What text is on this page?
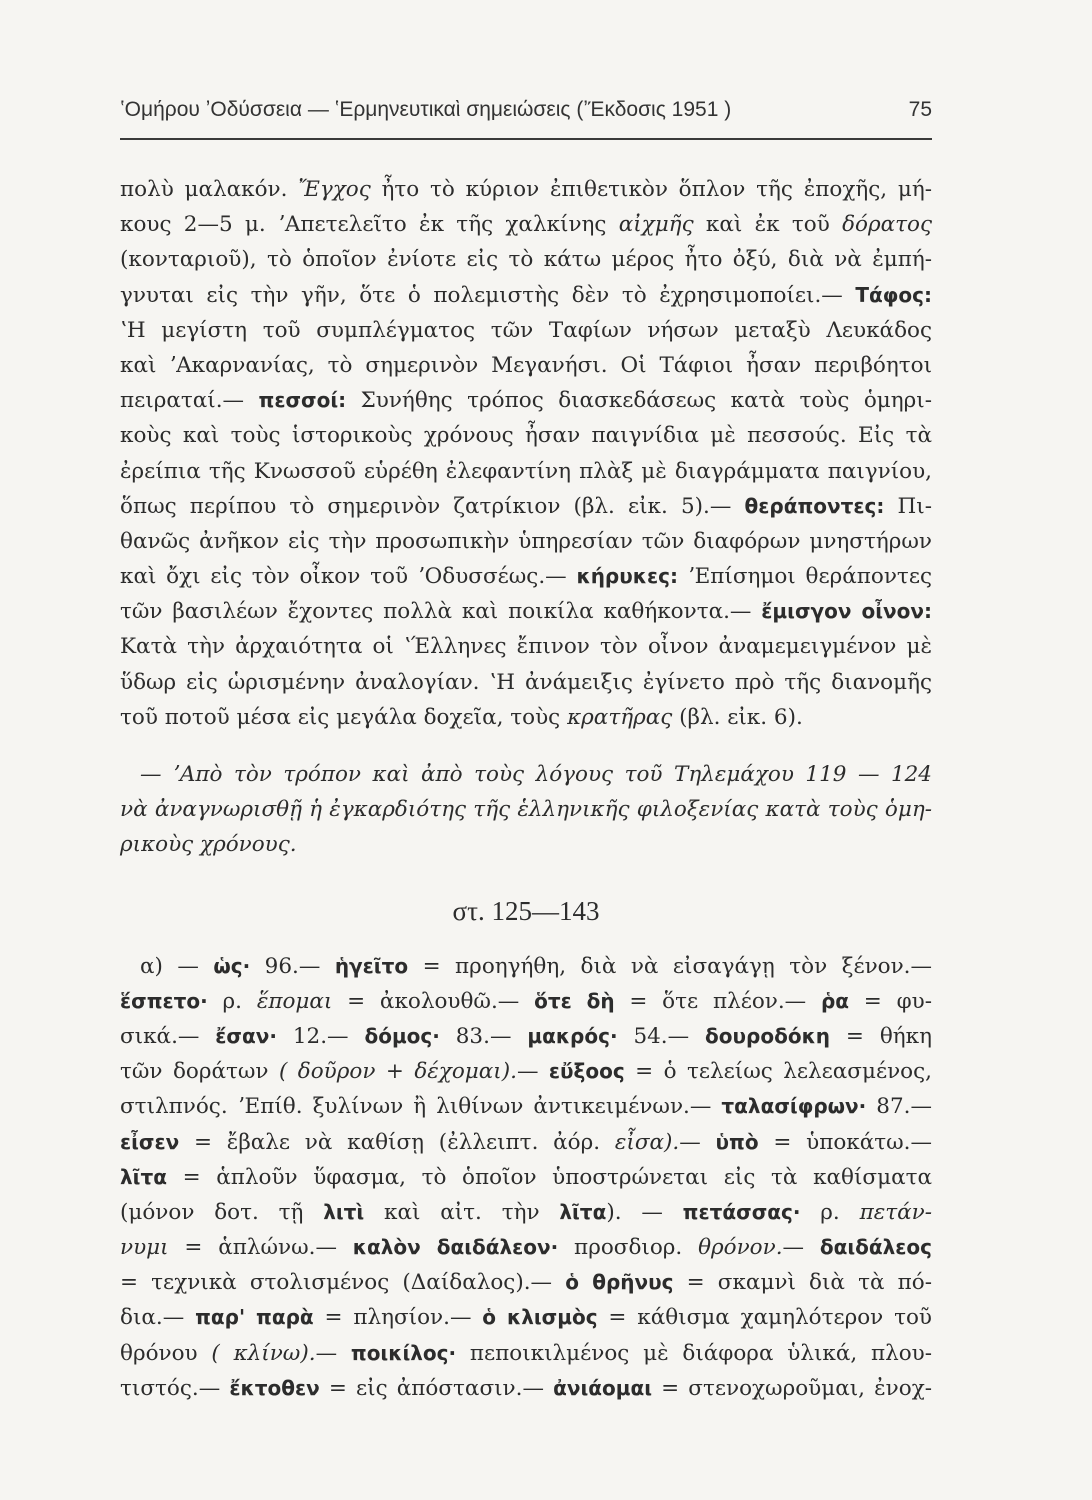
ʽΟμήρου ʼΟδύσσεια — ʽΕρμηνευτικαὶ σημειώσεις (ʼΈκδοσις 1951 )	75
πολὺ μαλακόν. Ἔγχος ἦτο τὸ κύριον ἐπιθετικὸν ὅπλον τῆς ἐποχῆς, μή-
κους 2—5 μ. ʼΑπετελεῖτο ἐκ τῆς χαλκίνης αἰχμῆς καὶ ἐκ τοῦ δόρατος
(κονταριοῦ), τὸ ὁποῖον ἐνίοτε εἰς τὸ κάτω μέρος ἦτο ὀξύ, διὰ νὰ ἐμπή-
γνυται εἰς τὴν γῆν, ὅτε ὁ πολεμιστὴς δὲν τὸ ἐχρησιμοποίει.— Τάφος:
ʽΗ μεγίστη τοῦ συμπλέγματος τῶν Ταφίων νήσων μεταξὺ Λευκάδος
καὶ ʼΑκαρνανίας, τὸ σημερινὸν Μεγανήσι. Οἱ Τάφιοι ἦσαν περιβόητοι
πειραταί.— πεσσοί: Συνήθης τρόπος διασκεδάσεως κατὰ τοὺς ὁμηρι-
κοὺς καὶ τοὺς ἱστορικοὺς χρόνους ἦσαν παιγνίδια μὲ πεσσούς. Εἰς τὰ
ἐρείπια τῆς Κνωσσοῦ εὑρέθη ἐλεφαντίνη πλὰξ μὲ διαγράμματα παιγνίου,
ὅπως περίπου τὸ σημερινὸν ζατρίκιον (βλ. εἰκ. 5).— θεράποντες: Πι-
θανῶς ἀνῆκον εἰς τὴν προσωπικὴν ὑπηρεσίαν τῶν διαφόρων μνηστήρων
καὶ ὄχι εἰς τὸν οἶκον τοῦ ʼΟδυσσέως.— κήρυκες: ʼΕπίσημοι θεράποντες
τῶν βασιλέων ἔχοντες πολλὰ καὶ ποικίλα καθήκοντα.— ἔμισγον οἶνον:
Κατὰ τὴν ἀρχαιότητα οἱ ʽΈλληνες ἔπινον τὸν οἶνον ἀναμεμειγμένον μὲ
ὕδωρ εἰς ὡρισμένην ἀναλογίαν. ʽΗ ἀνάμειξις ἐγίνετο πρὸ τῆς διανομῆς
τοῦ ποτοῦ μέσα εἰς μεγάλα δοχεῖα, τοὺς κρατῆρας (βλ. εἰκ. 6).
— ʼΑπὸ τὸν τρόπον καὶ ἀπὸ τοὺς λόγους τοῦ Τηλεμάχου 119 — 124
νὰ ἀναγνωρισθῇ ἡ ἐγκαρδιότης τῆς ἑλληνικῆς φιλοξενίας κατὰ τοὺς ὁμη-
ρικοὺς χρόνους.
στ. 125—143
α) — ὡς· 96.— ἡγεῖτο = προηγήθη, διὰ νὰ εἰσαγάγῃ τὸν ξένον.—
ἕσπετο· ρ. ἕπομαι = ἀκολουθῶ.— ὅτε δὴ = ὅτε πλέον.— ῥα = φυ-
σικά.— ἔσαν· 12.— δόμος· 83.— μακρός· 54.— δουροδόκη = θήκη
τῶν δοράτων ( δοῦρον + δέχομαι).— εὔξοος = ὁ τελείως λελεασμένος,
στιλπνός. ʼΕπίθ. ξυλίνων ἢ λιθίνων ἀντικειμένων.— ταλασίφρων· 87.—
εἶσεν = ἔβαλε νὰ καθίσῃ (ἐλλειπτ. ἀόρ. εἶσα).— ὑπὸ = ὑποκάτω.—
λῖτα = ἁπλοῦν ὕφασμα, τὸ ὁποῖον ὑποστρώνεται εἰς τὰ καθίσματα
(μόνον δοτ. τῇ λιτὶ καὶ αἰτ. τὴν λῖτα). — πετάσσας· ρ. πετάν-
νυμι = ἁπλώνω.— καλὸν δαιδάλεον· προσδιορ. θρόνον.— δαιδάλεος
= τεχνικὰ στολισμένος (Δαίδαλος).— ὁ θρῆνυς = σκαμνὶ διὰ τὰ πό-
δια.— παρ' παρὰ = πλησίον.— ὁ κλισμὸς = κάθισμα χαμηλότερον τοῦ
θρόνου ( κλίνω).— ποικίλος· πεποικιλμένος μὲ διάφορα ὑλικά, πλου-
τιστός.— ἔκτοθεν = εἰς ἀπόστασιν.— ἀνιάομαι = στενοχωροῦμαι, ἐνοχ-
